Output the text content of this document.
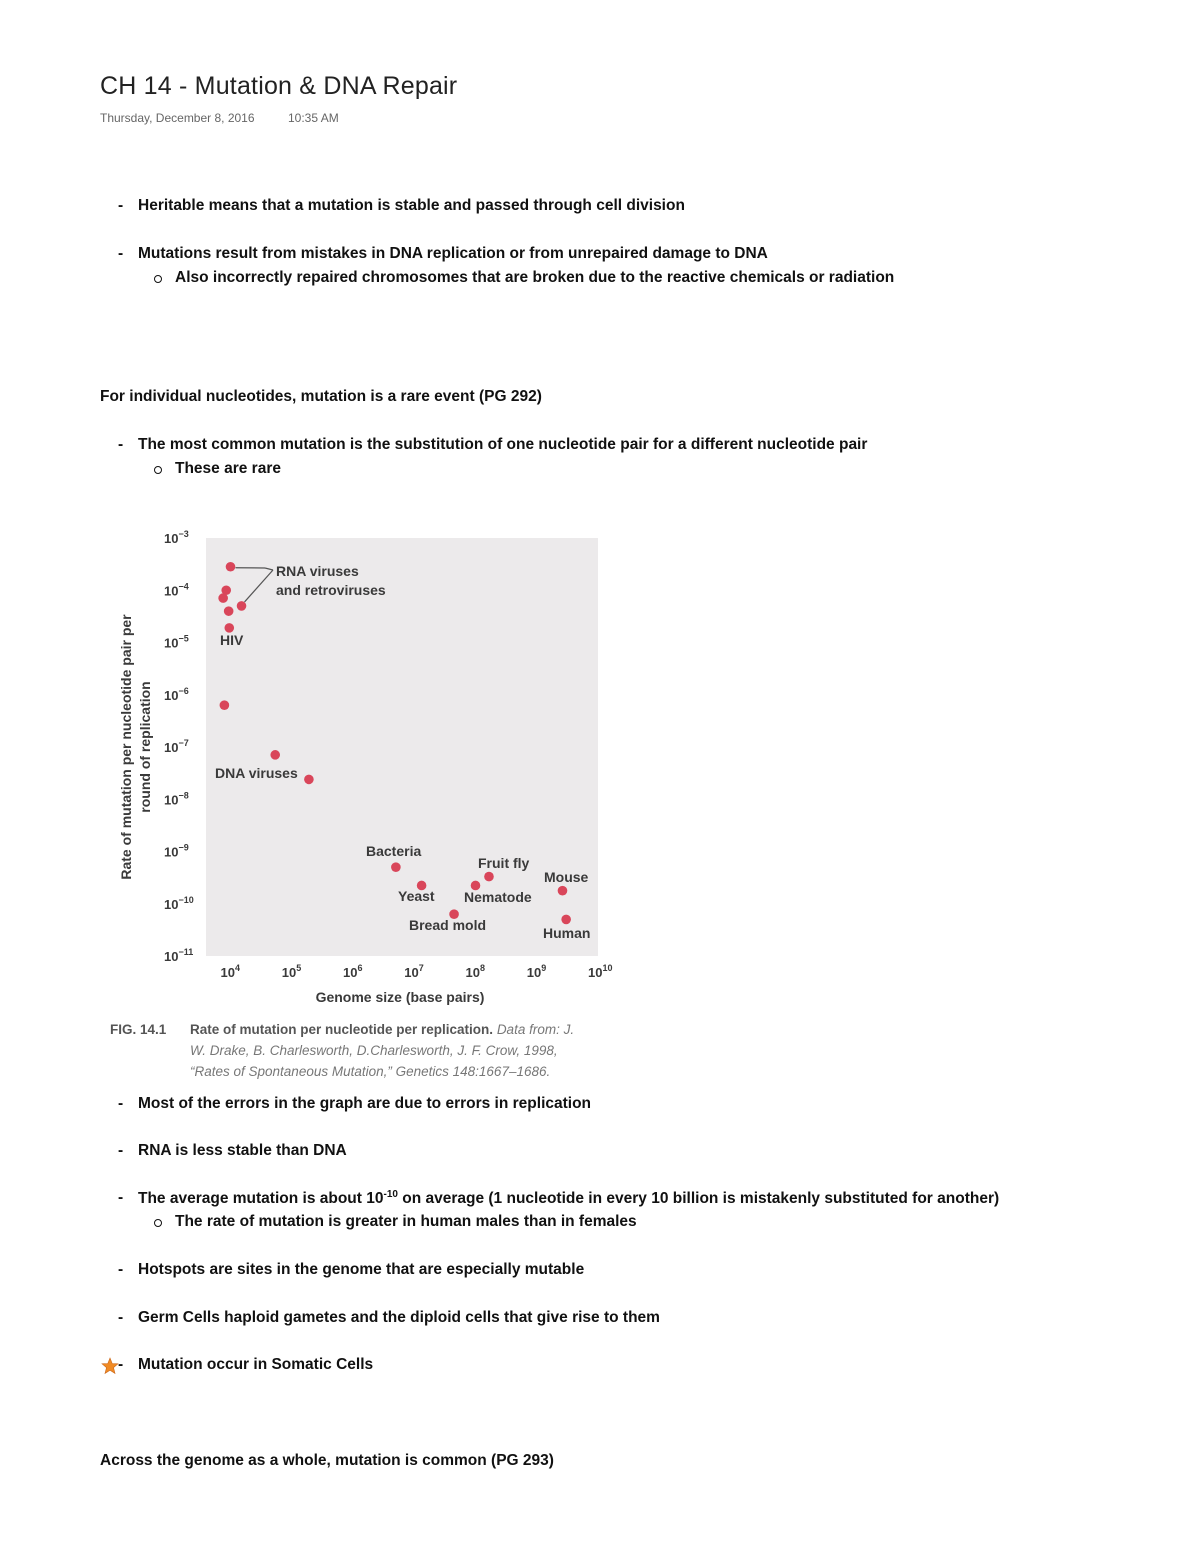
CH 14 - Mutation & DNA Repair
Thursday, December 8, 2016	10:35 AM
- Heritable means that a mutation is stable and passed through cell division
- Mutations result from mistakes in DNA replication or from unrepaired damage to DNA
Also incorrectly repaired chromosomes that are broken due to the reactive chemicals or radiation
For individual nucleotides, mutation is a rare event (PG 292)
- The most common mutation is the substitution of one nucleotide pair for a different nucleotide pair
These are rare
$10^{-3}$
$10^{-4}$
$10^{-5}$
$10^{-6}$
$10^{-7}$
$10^{-8}$
$10^{-9}$
$10^{-10}$
$10^{-11}$
$10^4$	$10^5$	$10^6$	$10^7$	$10^8$	$10^9$	$10^{10}$
RNA viruses
and retroviruses
HIV
DNA viruses
Bacteria
Yeast
Bread mold
Nematode
Fruit fly
Mouse
Human
Genome size (base pairs)
Rate of mutation per nucleotide pair per round of replication
FIG. 14.1 Rate of mutation per nucleotide per replication. Data from: J.
W. Drake, B. Charlesworth, D.Charlesworth, J. F. Crow, 1998,
“Rates of Spontaneous Mutation,” Genetics 148:1667–1686.
- Most of the errors in the graph are due to errors in replication
- RNA is less stable than DNA
- The average mutation is about $10^{-10}$ on average (1 nucleotide in every 10 billion is mistakenly substituted for another)
The rate of mutation is greater in human males than in females
- Hotspots are sites in the genome that are especially mutable
- Germ Cells haploid gametes and the diploid cells that give rise to them
- Mutation occur in Somatic Cells
Across the genome as a whole, mutation is common (PG 293)
